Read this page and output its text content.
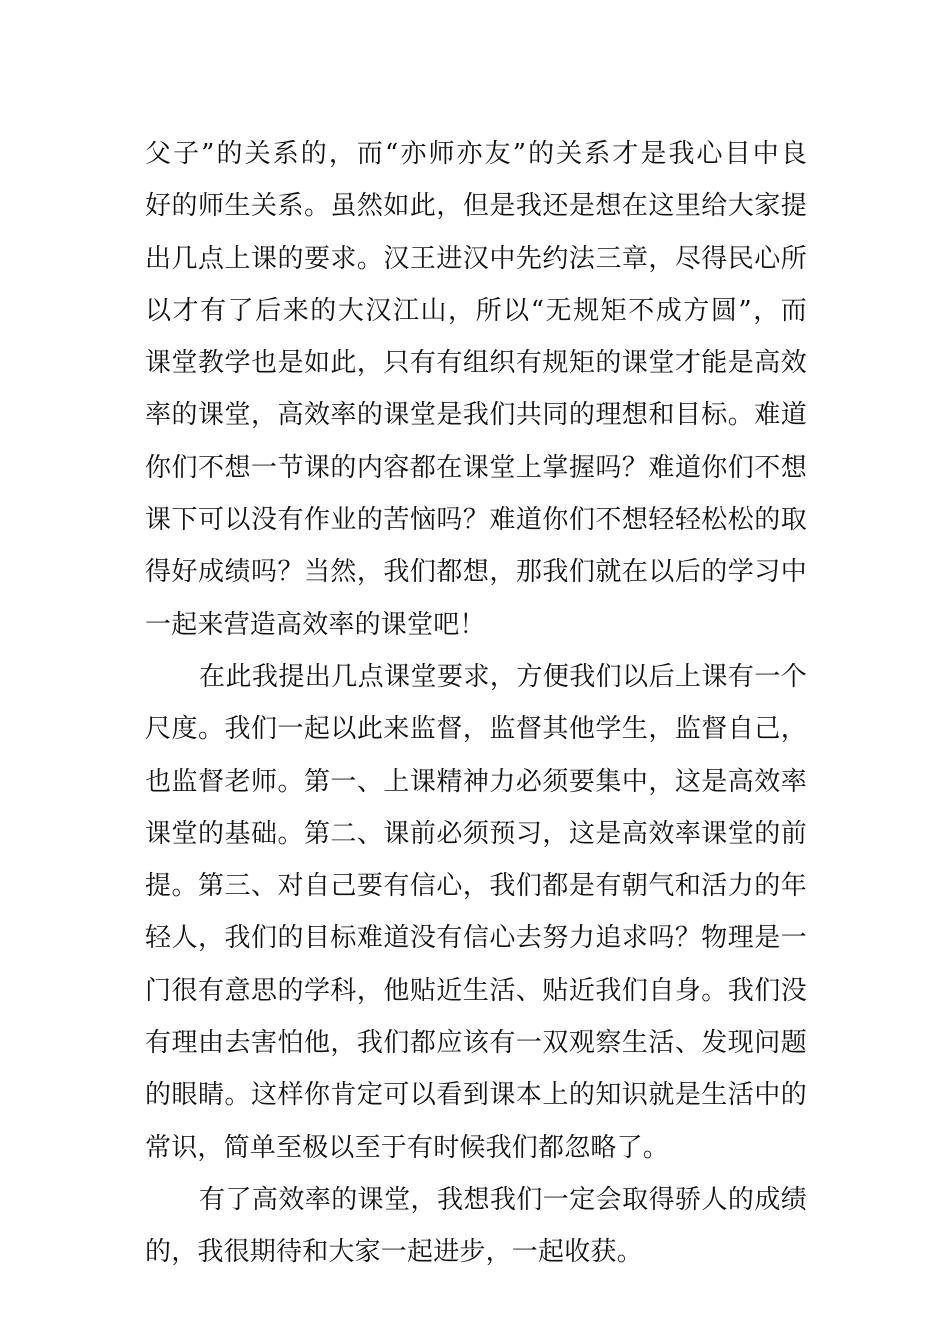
父子”的关系的，而“亦师亦友”的关系才是我心目中良
好的师生关系。虽然如此，但是我还是想在这里给大家提
出几点上课的要求。汉王进汉中先约法三章，尽得民心所
以才有了后来的大汉江山，所以“无规矩不成方圆”，而
课堂教学也是如此，只有有组织有规矩的课堂才能是高效
率的课堂，高效率的课堂是我们共同的理想和目标。难道
你们不想一节课的内容都在课堂上掌握吗？难道你们不想
课下可以没有作业的苦恼吗？难道你们不想轻轻松松的取
得好成绩吗？当然，我们都想，那我们就在以后的学习中
一起来营造高效率的课堂吧！
在此我提出几点课堂要求，方便我们以后上课有一个
尺度。我们一起以此来监督，监督其他学生，监督自己，
也监督老师。第一、上课精神力必须要集中，这是高效率
课堂的基础。第二、课前必须预习，这是高效率课堂的前
提。第三、对自己要有信心，我们都是有朝气和活力的年
轻人，我们的目标难道没有信心去努力追求吗？物理是一
门很有意思的学科，他贴近生活、贴近我们自身。我们没
有理由去害怕他，我们都应该有一双观察生活、发现问题
的眼睛。这样你肯定可以看到课本上的知识就是生活中的
常识，简单至极以至于有时候我们都忽略了。
有了高效率的课堂，我想我们一定会取得骄人的成绩
的，我很期待和大家一起进步，一起收获。
